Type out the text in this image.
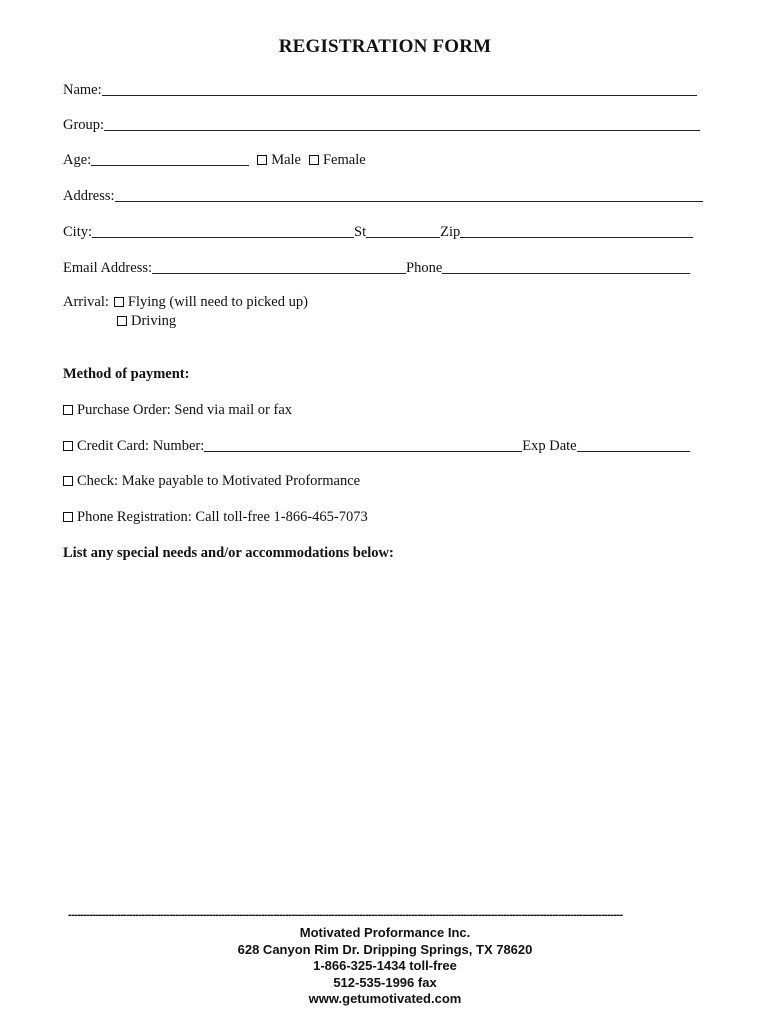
REGISTRATION FORM
Name:
Group:
Age:	Male Female
Address:
City:	St	Zip
Email Address:	Phone
Arrival: Flying (will need to picked up)
Driving
Method of payment:
Purchase Order: Send via mail or fax
Credit Card: Number:	Exp Date
Check: Make payable to Motivated Proformance
Phone Registration: Call toll-free 1-866-465-7073
List any special needs and/or accommodations below:
-------------------------------------------------------------------------------------------------------------------------------------------------------------------------------------
Motivated Proformance Inc.
628 Canyon Rim Dr. Dripping Springs, TX 78620
1-866-325-1434 toll-free
512-535-1996 fax
www.getumotivated.com
